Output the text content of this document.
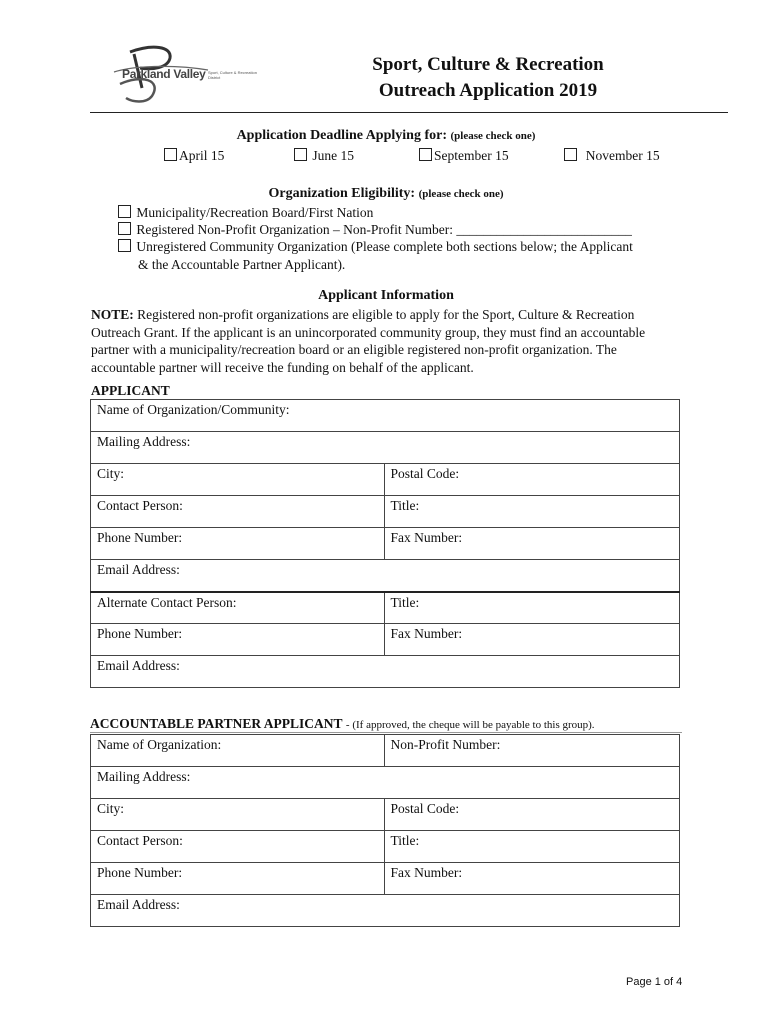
Parkland Valley Sport, Culture & Recreation District
Sport, Culture & Recreation
Outreach Application 2019
Application Deadline Applying for: (please check one)
April 15	June 15	September 15	November 15
Organization Eligibility: (please check one)
Municipality/Recreation Board/First Nation
Registered Non-Profit Organization – Non-Profit Number: __________________________
Unregistered Community Organization (Please complete both sections below; the Applicant
& the Accountable Partner Applicant).
Applicant Information
NOTE: Registered non-profit organizations are eligible to apply for the Sport, Culture & Recreation Outreach Grant. If the applicant is an unincorporated community group, they must find an accountable partner with a municipality/recreation board or an eligible registered non-profit organization. The accountable partner will receive the funding on behalf of the applicant.
APPLICANT
Name of Organization/Community:	
Mailing Address:	
City:	Postal Code:
Contact Person:	Title:
Phone Number:	Fax Number:
Email Address:	
Alternate Contact Person:	Title:
Phone Number:	Fax Number:
Email Address:	
ACCOUNTABLE PARTNER APPLICANT - (If approved, the cheque will be payable to this group).
Name of Organization:	Non-Profit Number:
Mailing Address:	
City:	Postal Code:
Contact Person:	Title:
Phone Number:	Fax Number:
Email Address:	
Page 1 of 4
